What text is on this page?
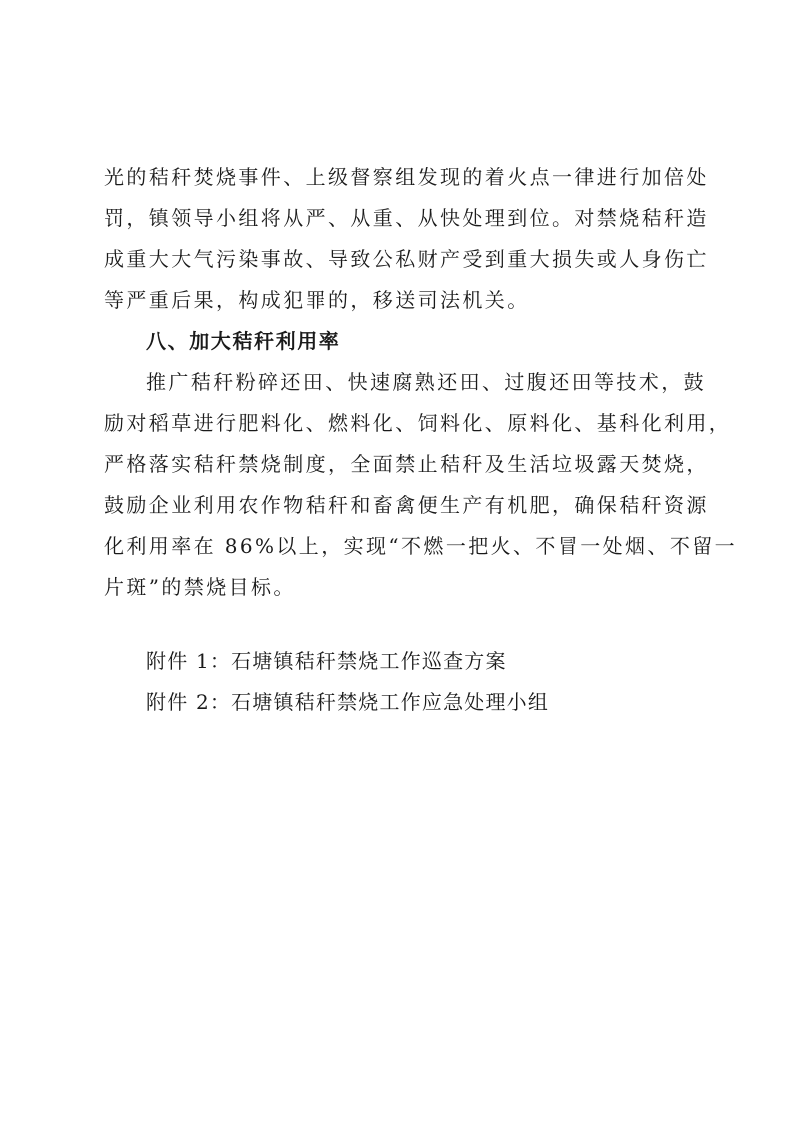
光的秸秆焚烧事件、上级督察组发现的着火点一律进行加倍处
罚，镇领导小组将从严、从重、从快处理到位。对禁烧秸秆造
成重大大气污染事故、导致公私财产受到重大损失或人身伤亡
等严重后果，构成犯罪的，移送司法机关。
八、加大秸秆利用率
推广秸秆粉碎还田、快速腐熟还田、过腹还田等技术，鼓
励对稻草进行肥料化、燃料化、饲料化、原料化、基科化利用，
严格落实秸秆禁烧制度，全面禁止秸秆及生活垃圾露天焚烧，
鼓励企业利用农作物秸秆和畜禽便生产有机肥，确保秸秆资源
化利用率在 86%以上，实现“不燃一把火、不冒一处烟、不留一
片斑”的禁烧目标。
附件 1：石塘镇秸秆禁烧工作巡查方案
附件 2：石塘镇秸秆禁烧工作应急处理小组
